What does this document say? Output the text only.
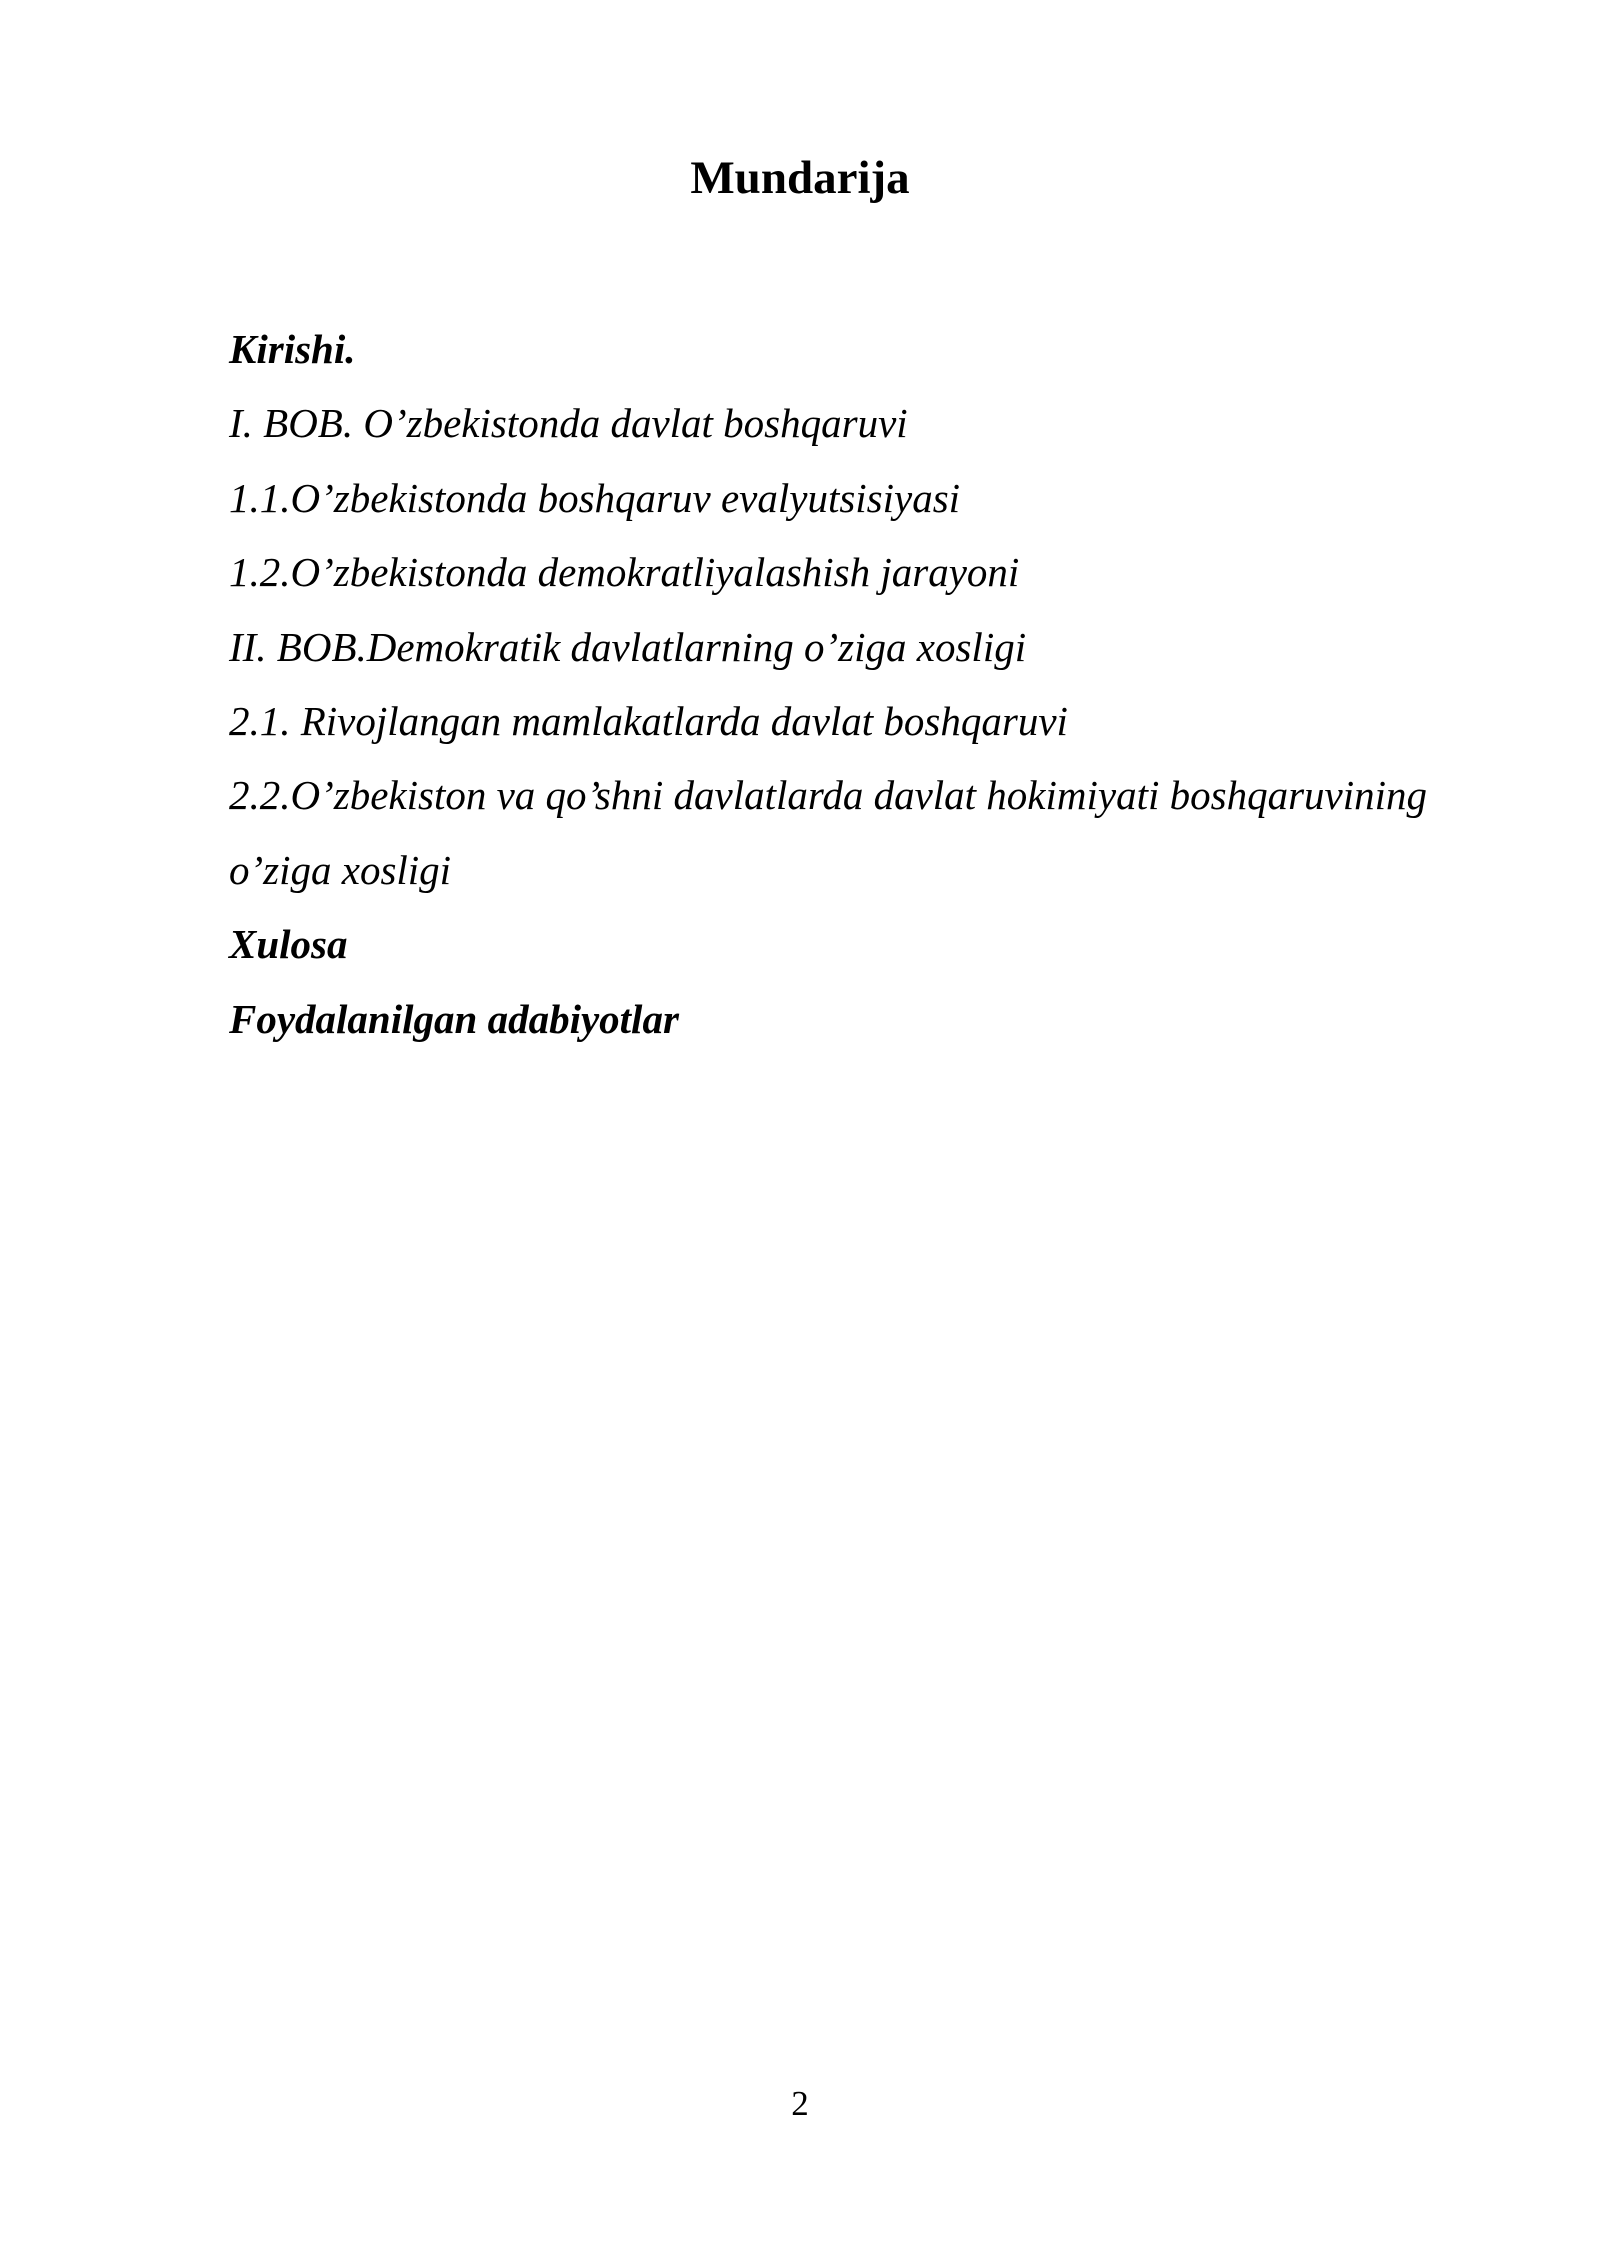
Mundarija
Kirishi.
I. BOB. O’zbekistonda davlat boshqaruvi
1.1.O’zbekistonda boshqaruv evalyutsisiyasi
1.2.O’zbekistonda demokratliyalashish jarayoni
II. BOB.Demokratik davlatlarning o’ziga xosligi
2.1. Rivojlangan mamlakatlarda davlat boshqaruvi
2.2.O’zbekiston va qo’shni davlatlarda davlat hokimiyati boshqaruvining
o’ziga xosligi
Xulosa
Foydalanilgan adabiyotlar
2
